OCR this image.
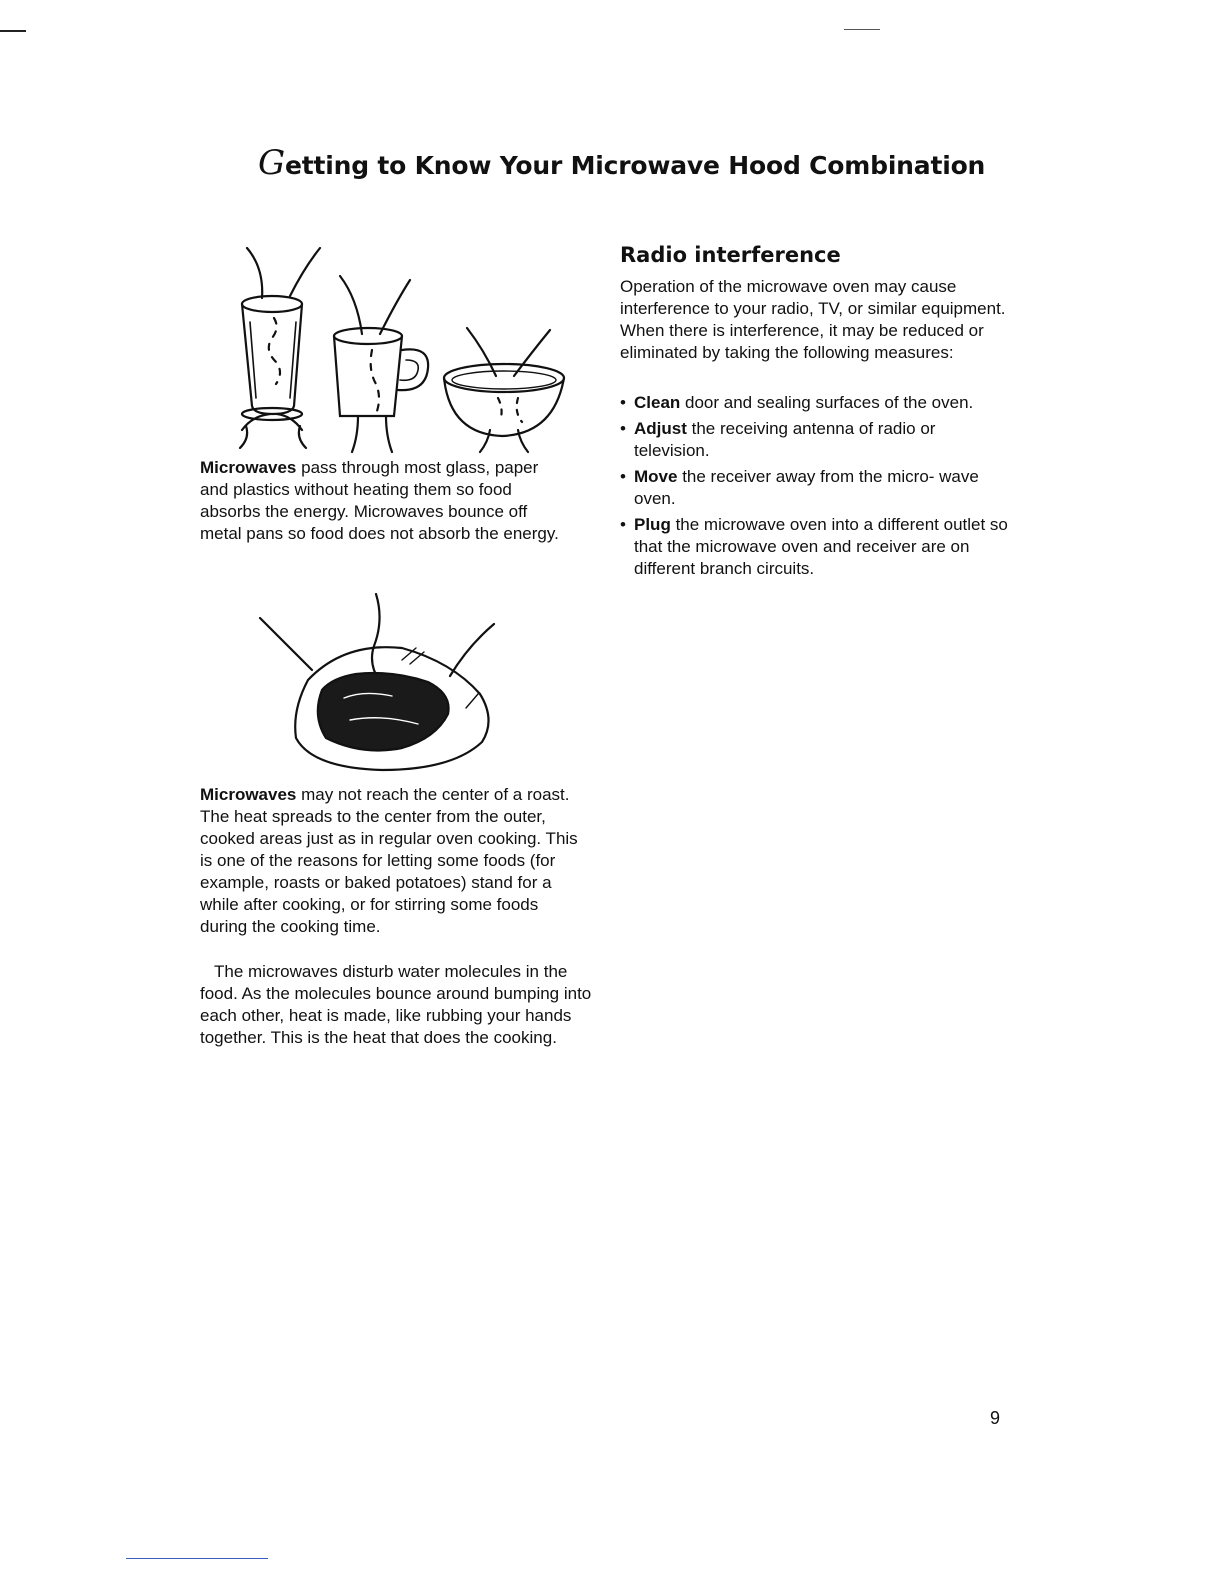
Getting to Know Your Microwave Hood Combination

Microwaves pass through most glass, paper and plastics without heating them so food absorbs the energy. Microwaves bounce off metal pans so food does not absorb the energy.

Microwaves may not reach the center of a roast. The heat spreads to the center from the outer, cooked areas just as in regular oven cooking. This is one of the reasons for letting some foods (for example, roasts or baked potatoes) stand for a while after cooking, or for stirring some foods during the cooking time.

The microwaves disturb water molecules in the food. As the molecules bounce around bumping into each other, heat is made, like rubbing your hands together. This is the heat that does the cooking.

Radio interference

Operation of the microwave oven may cause interference to your radio, TV, or similar equipment. When there is interference, it may be reduced or eliminated by taking the following measures:

• Clean door and sealing surfaces of the oven.
• Adjust the receiving antenna of radio or television.
• Move the receiver away from the micro- wave oven.
• Plug the microwave oven into a different outlet so that the microwave oven and receiver are on different branch circuits.
9
